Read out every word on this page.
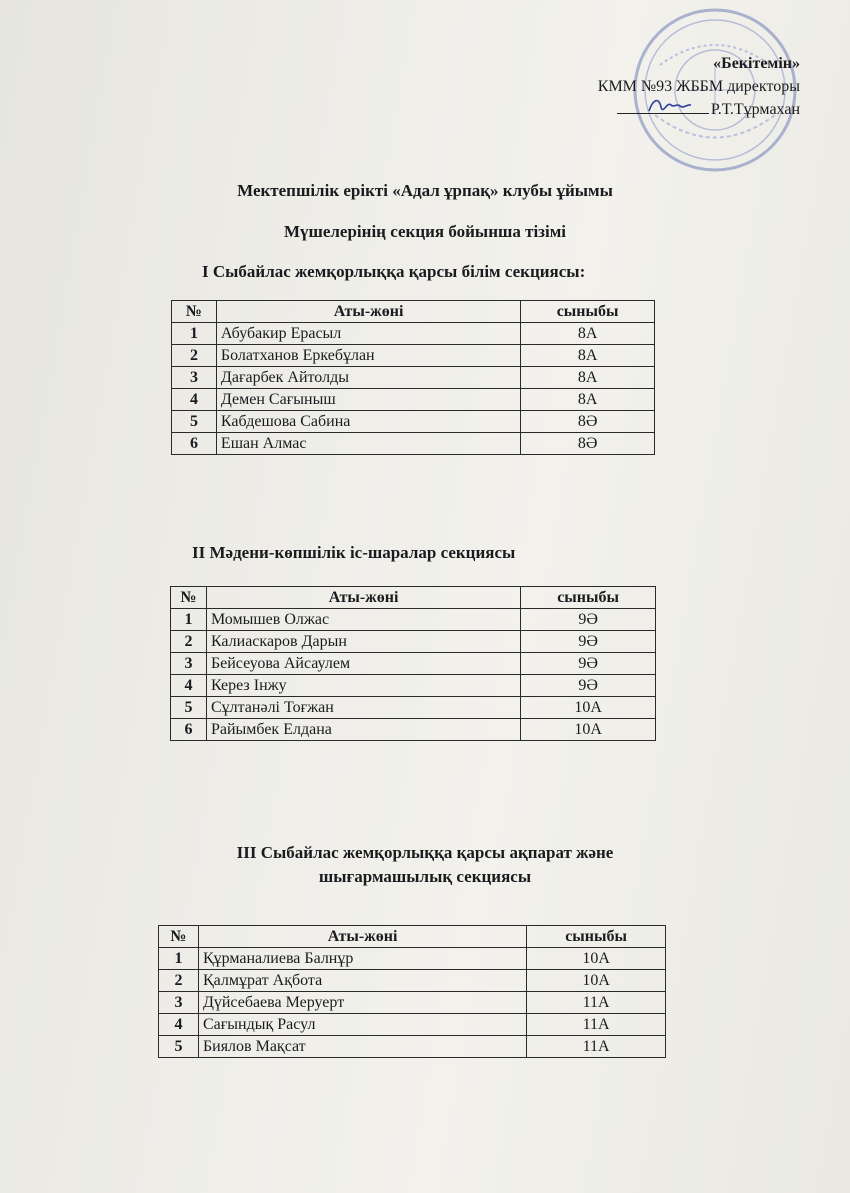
«Бекітемін»
КММ №93 ЖББМ директоры
Р.Т.Тұрмахан
Мектепшілік ерікті «Адал ұрпақ» клубы ұйымы
Мүшелерінің секция бойынша тізімі
І Сыбайлас жемқорлыққа қарсы білім секциясы:
№	Аты-жөні	сыныбы
1	Абубакир Ерасыл	8А
2	Болатханов Еркебұлан	8А
3	Дағарбек Айтолды	8А
4	Демен Сағыныш	8А
5	Кабдешова Сабина	8Ә
6	Ешан Алмас	8Ә
ІІ Мәдени-көпшілік іс-шаралар секциясы
№	Аты-жөні	сыныбы
1	Момышев Олжас	9Ә
2	Калиаскаров Дарын	9Ә
3	Бейсеуова Айсаулем	9Ә
4	Керез Інжу	9Ә
5	Сұлтанәлі Тоғжан	10А
6	Райымбек Елдана	10А
ІІІ Сыбайлас жемқорлыққа қарсы ақпарат және
шығармашылық секциясы
№	Аты-жөні	сыныбы
1	Құрманалиева Балнұр	10А
2	Қалмұрат Ақбота	10А
3	Дүйсебаева Меруерт	11А
4	Сағындық Расул	11А
5	Биялов Мақсат	11А
